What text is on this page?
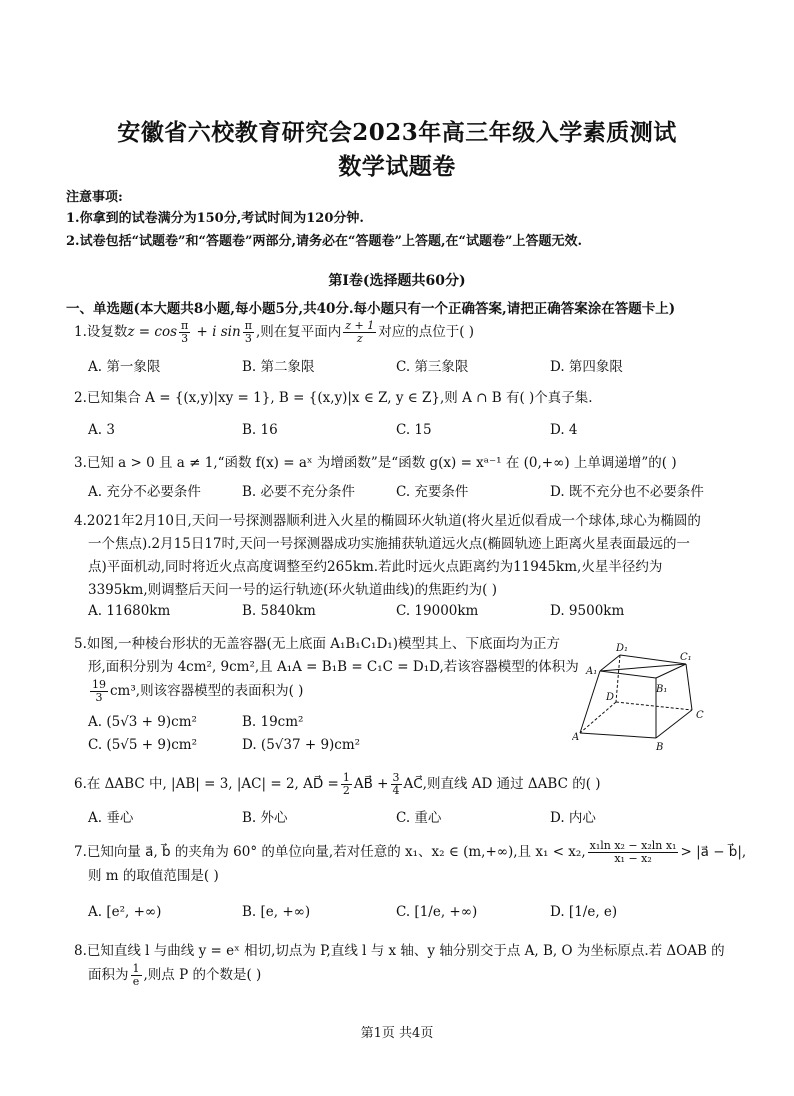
安徽省六校教育研究会2023年高三年级入学素质测试
数学试题卷
注意事项:
1.你拿到的试卷满分为150分,考试时间为120分钟.
2.试卷包括“试题卷”和“答题卷”两部分,请务必在“答题卷”上答题,在“试题卷”上答题无效.
第Ⅰ卷(选择题共60分)
一、单选题(本大题共8小题,每小题5分,共40分.每小题只有一个正确答案,请把正确答案涂在答题卡上)
1.设复数$z = \cos \frac{\pi}{3} + i$ $\sin \frac{\pi}{3}$ ,则在复平面内 $\frac{z + 1}{z}$ 对应的点位于( )
A. 第一象限	B. 第二象限	C. 第三象限	D. 第四象限
2.已知集合 A = {(x,y)|xy = 1}, B = {(x,y)|x ∈ Z, y ∈ Z},则 A ∩ B 有( )个真子集.
A. 3	B. 16	C. 15	D. 4
3.已知 a > 0 且 a ≠ 1,“函数 f(x) = aˣ 为增函数”是“函数 g(x) = xᵃ⁻¹ 在 (0,+∞) 上单调递增”的( )
A. 充分不必要条件	B. 必要不充分条件	C. 充要条件	D. 既不充分也不必要条件
4.2021年2月10日,天问一号探测器顺利进入火星的椭圆环火轨道(将火星近似看成一个球体,球心为椭圆的
一个焦点).2月15日17时,天问一号探测器成功实施捕获轨道远火点(椭圆轨迹上距离火星表面最远的一
点)平面机动,同时将近火点高度调整至约265km.若此时远火点距离约为11945km,火星半径约为
3395km,则调整后天问一号的运行轨迹(环火轨道曲线)的焦距约为( )
A. 11680km	B. 5840km	C. 19000km	D. 9500km
5.如图,一种棱台形状的无盖容器(无上底面 A₁B₁C₁D₁)模型其上、下底面均为正方
形,面积分别为 4cm², 9cm²,且 A₁A = B₁B = C₁C = D₁D,若该容器模型的体积为
$\frac{19}{3} cm^3$,则该容器模型的表面积为( )
A. (5√3 + 9)cm²	B. 19cm²
C. (5√5 + 9)cm²	D. (5√37 + 9)cm²
D₁
C₁
A₁
B₁
D
C
A
B
6.在 ΔABC 中, |AB| = 3, |AC| = 2, AD⃗ = $\frac{1}{2}$ AB⃗ + $\frac{3}{4}$ AC⃗,则直线 AD 通过 ΔABC 的( )
A. 垂心	B. 外心	C. 重心	D. 内心
7.已知向量 a⃗, b⃗ 的夹角为 60° 的单位向量,若对任意的 x₁、x₂ ∈ (m,+∞),且 x₁ < x₂, $\frac{\text{x₁ln x₂ − x₂ln x₁}}{\text{x₁ − x₂}}$ > |a⃗ − b⃗|,
则 m 的取值范围是( )
A. [e², +∞)	B. [e, +∞)	C. [1/e, +∞)	D. [1/e, e)
8.已知直线 l 与曲线 y = eˣ 相切,切点为 P,直线 l 与 x 轴、y 轴分别交于点 A, B, O 为坐标原点.若 ΔOAB 的
面积为 $\frac{1}{e}$ ,则点 P 的个数是( )
第1页 共4页
